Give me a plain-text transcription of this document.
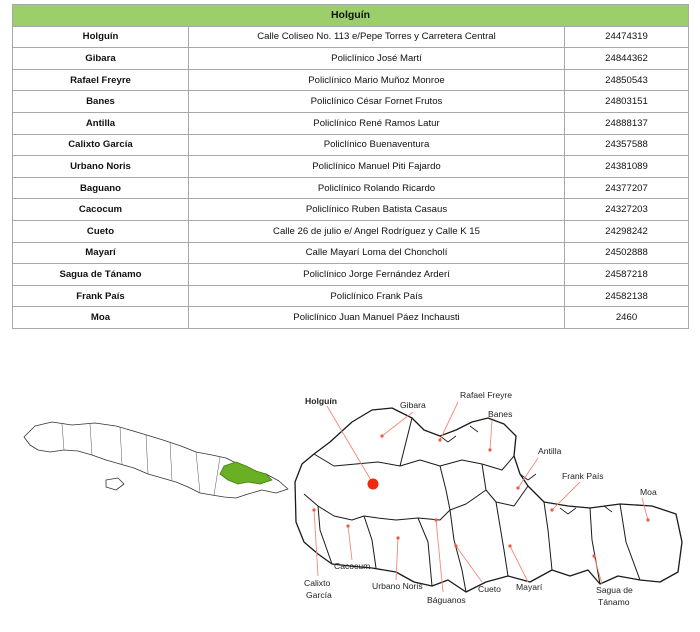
Holguín		
Holguín	Calle Coliseo No. 113 e/Pepe Torres y Carretera Central	24474319
Gibara	Policlínico José Martí	24844362
Rafael Freyre	Policlínico Mario Muñoz Monroe	24850543
Banes	Policlínico César Fornet Frutos	24803151
Antilla	Policlínico René Ramos Latur	24888137
Calixto García	Policlínico Buenaventura	24357588
Urbano Noris	Policlínico Manuel Piti Fajardo	24381089
Baguano	Policlínico Rolando Ricardo	24377207
Cacocum	Policlínico Ruben Batista Casaus	24327203
Cueto	Calle 26 de julio e/ Angel Rodríguez y Calle K 15	24298242
Mayarí	Calle Mayarí Loma del Choncholí	24502888
Sagua de Tánamo	Policlínico Jorge Fernández Arderí	24587218
Frank País	Policlínico Frank País	24582138
Moa	Policlínico Juan Manuel Páez Inchausti	2460
Holguín	Gibara
Rafael Freyre
Banes
Antilla
Frank País
Moa
Calixto
García
Cacocum
Urbano Noris
Báguanos
Cueto Mayarí	Sagua de
Tánamo
